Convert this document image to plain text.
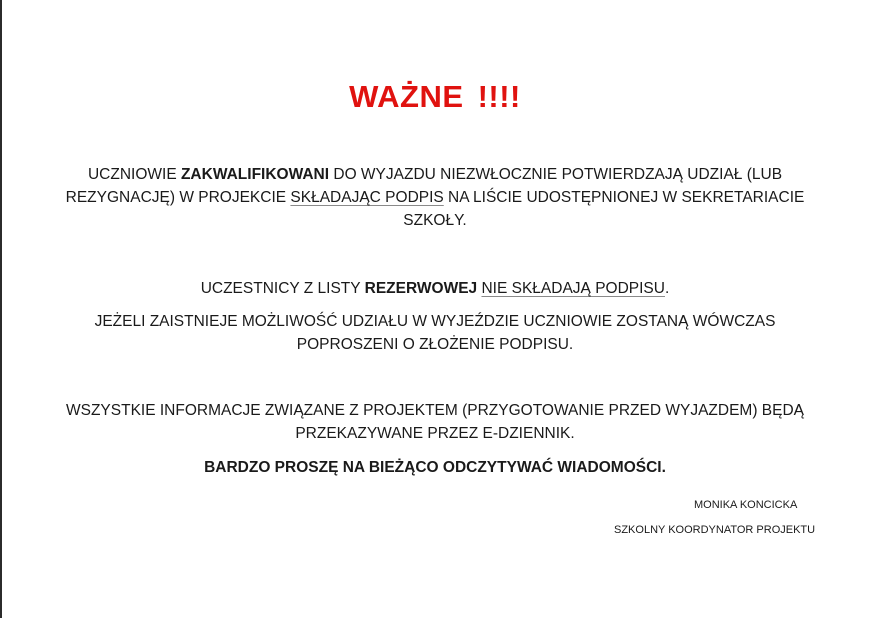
WAŻNE !!!!
UCZNIOWIE ZAKWALIFIKOWANI DO WYJAZDU NIEZWŁOCZNIE POTWIERDZAJĄ UDZIAŁ (LUB REZYGNACJĘ) W PROJEKCIE SKŁADAJĄC PODPIS NA LIŚCIE UDOSTĘPNIONEJ W SEKRETARIACIE SZKOŁY.
UCZESTNICY Z LISTY REZERWOWEJ NIE SKŁADAJĄ PODPISU.
JEŻELI ZAISTNIEJE MOŻLIWOŚĆ UDZIAŁU W WYJEŹDZIE UCZNIOWIE ZOSTANĄ WÓWCZAS POPROSZENI O ZŁOŻENIE PODPISU.
WSZYSTKIE INFORMACJE ZWIĄZANE Z PROJEKTEM (PRZYGOTOWANIE PRZED WYJAZDEM) BĘDĄ PRZEKAZYWANE PRZEZ E-DZIENNIK.
BARDZO PROSZĘ NA BIEŻĄCO ODCZYTYWAĆ WIADOMOŚCI.
MONIKA KONCICKA
SZKOLNY KOORDYNATOR PROJEKTU
